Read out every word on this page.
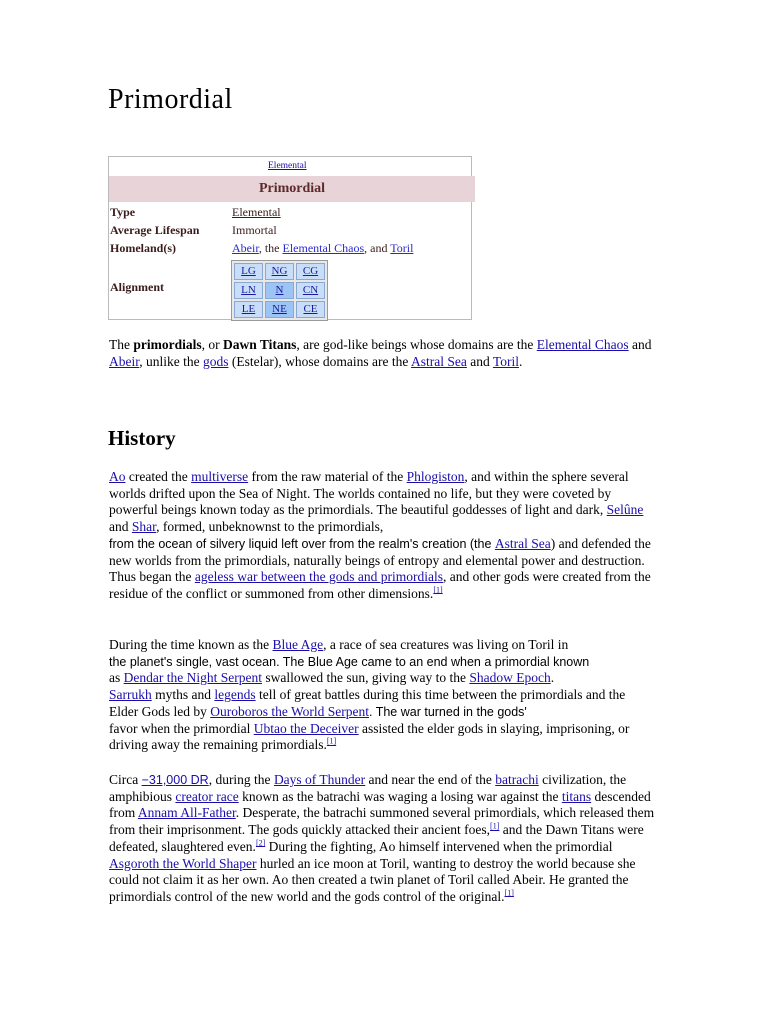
Primordial
Elemental
Primordial
Type	Elemental
Average Lifespan	Immortal
Homeland(s)	Abeir, the Elemental Chaos, and Toril
Alignment
LG	NG	CG
LN	N	CN
LE	NE	CE

The primordials, or Dawn Titans, are god-like beings whose domains are the Elemental Chaos and Abeir, unlike the gods (Estelar), whose domains are the Astral Sea and Toril.

History

Ao created the multiverse from the raw material of the Phlogiston, and within the sphere several worlds drifted upon the Sea of Night. The worlds contained no life, but they were coveted by powerful beings known today as the primordials. The beautiful goddesses of light and dark, Selûne and Shar, formed, unbeknownst to the primordials,
from the ocean of silvery liquid left over from the realm's creation (the Astral Sea) and defended the new worlds from the primordials, naturally beings of entropy and elemental power and destruction. Thus began the ageless war between the gods and primordials, and other gods were created from the residue of the conflict or summoned from other dimensions.[1]

During the time known as the Blue Age, a race of sea creatures was living on Toril in
the planet's single, vast ocean. The Blue Age came to an end when a primordial known
as Dendar the Night Serpent swallowed the sun, giving way to the Shadow Epoch.
Sarrukh myths and legends tell of great battles during this time between the primordials and the Elder Gods led by Ouroboros the World Serpent. The war turned in the gods'
favor when the primordial Ubtao the Deceiver assisted the elder gods in slaying, imprisoning, or driving away the remaining primordials.[1]

Circa −31,000 DR, during the Days of Thunder and near the end of the batrachi civilization, the amphibious creator race known as the batrachi was waging a losing war against the titans descended from Annam All-Father. Desperate, the batrachi summoned several primordials, which released them from their imprisonment. The gods quickly attacked their ancient foes,[1] and the Dawn Titans were defeated, slaughtered even.[2] During the fighting, Ao himself intervened when the primordial Asgoroth the World Shaper hurled an ice moon at Toril, wanting to destroy the world because she could not claim it as her own. Ao then created a twin planet of Toril called Abeir. He granted the primordials control of the new world and the gods control of the original.[1]
